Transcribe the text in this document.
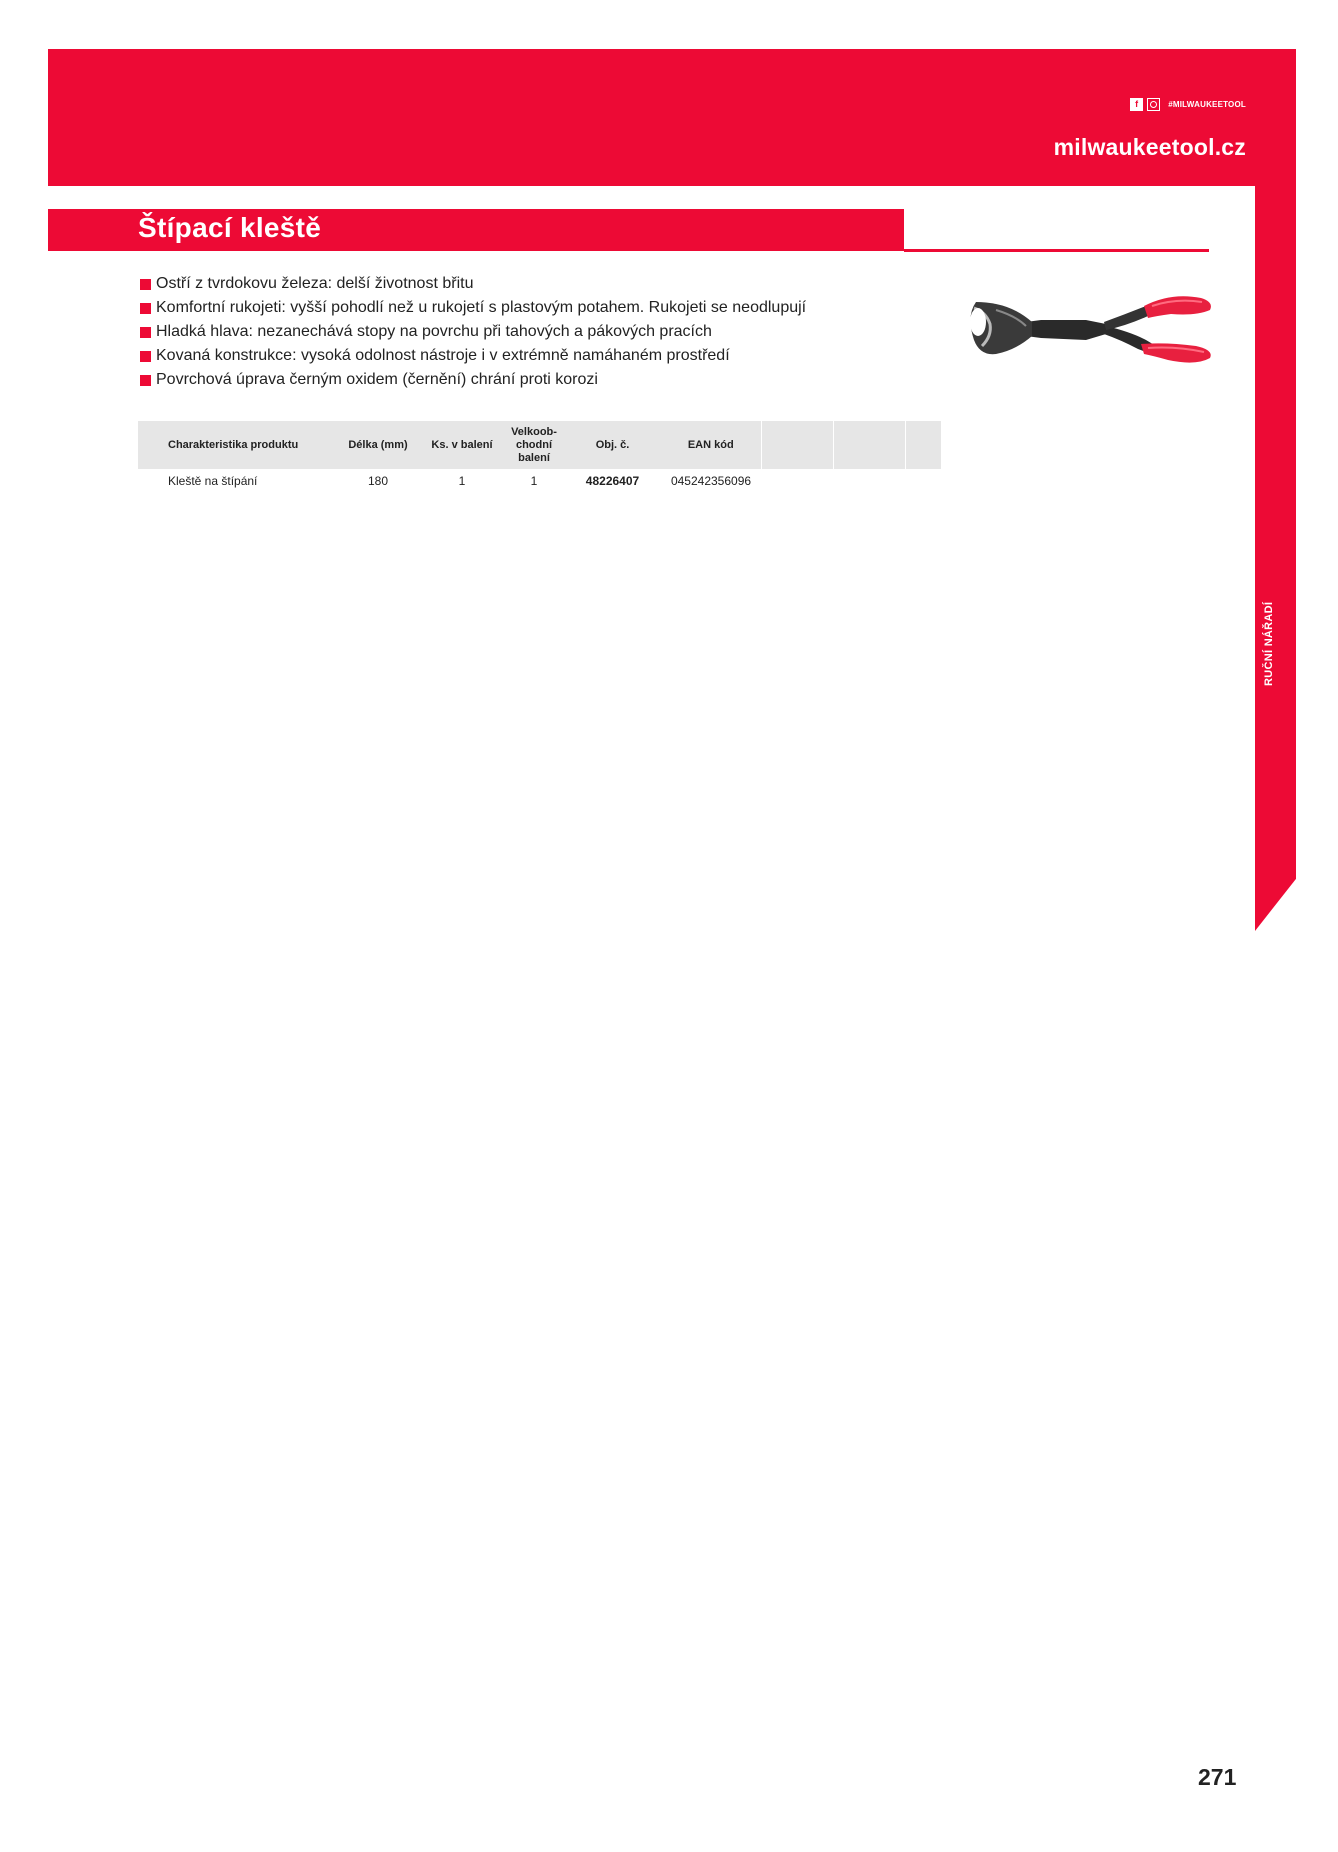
f	#MILWAUKEETOOL
milwaukeetool.cz
RUČNÍ NÁŘADÍ
Štípací kleště
Ostří z tvrdokovu železa: delší životnost břitu
Komfortní rukojeti: vyšší pohodlí než u rukojetí s plastovým potahem. Rukojeti se neodlupují
Hladká hlava: nezanechává stopy na povrchu při tahových a pákových pracích
Kovaná konstrukce: vysoká odolnost nástroje i v extrémně namáhaném prostředí
Povrchová úprava černým oxidem (černění) chrání proti korozi
Charakteristika produktu	Délka (mm)	Ks. v balení	Velkoob-
chodní
balení	Obj. č.	EAN kód			
Kleště na štípání	180	1	1	48226407	045242356096			
271
